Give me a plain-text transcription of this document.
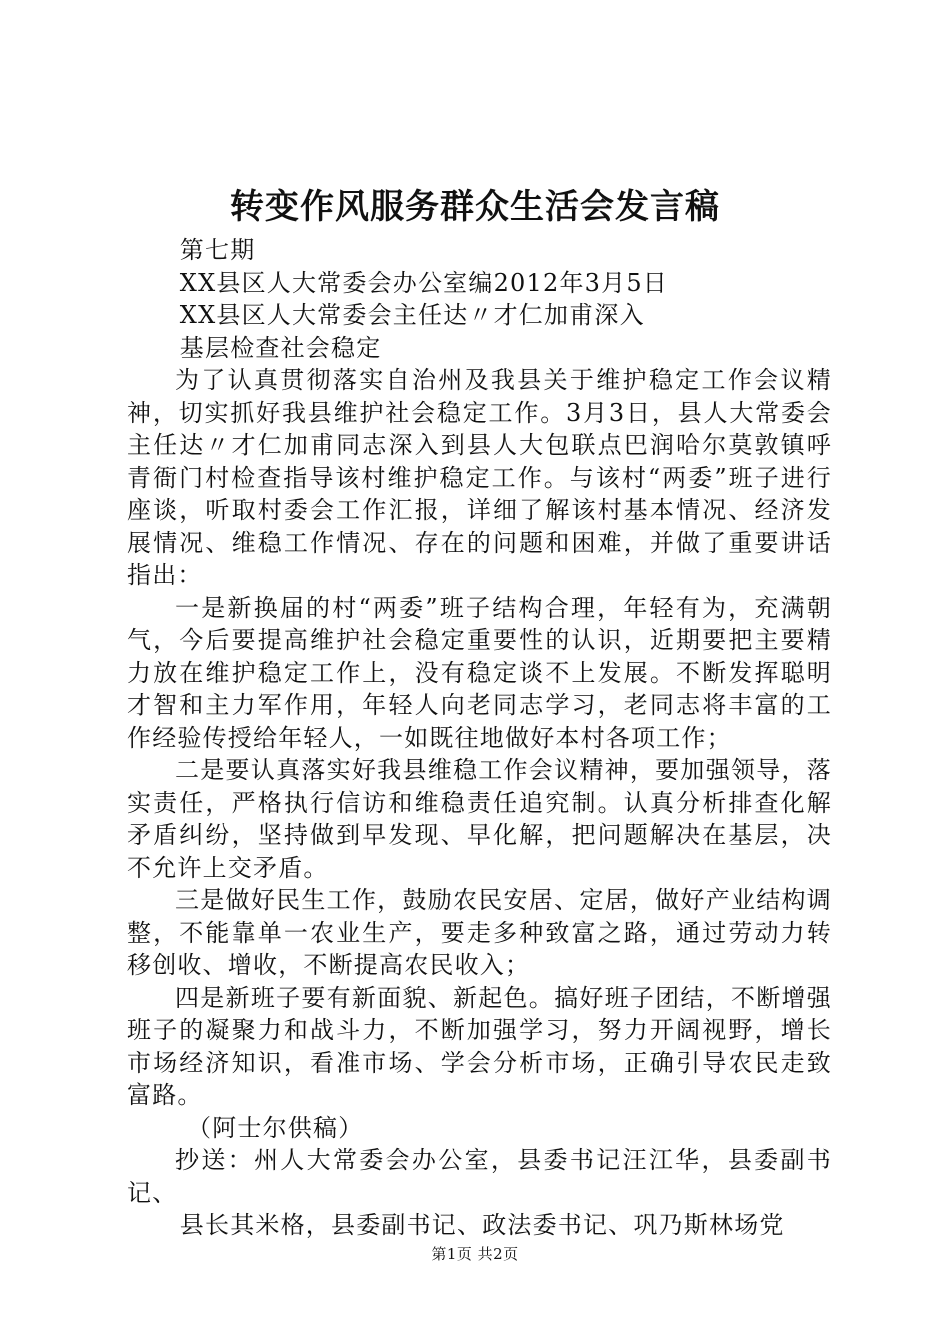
转变作风服务群众生活会发言稿

第七期

XX县区人大常委会办公室编2012年3月5日

XX县区人大常委会主任达〃才仁加甫深入

基层检查社会稳定

为了认真贯彻落实自治州及我县关于维护稳定工作会议精神，切实抓好我县维护社会稳定工作。3月3日，县人大常委会主任达〃才仁加甫同志深入到县人大包联点巴润哈尔莫敦镇呼青衙门村检查指导该村维护稳定工作。与该村“两委”班子进行座谈，听取村委会工作汇报，详细了解该村基本情况、经济发展情况、维稳工作情况、存在的问题和困难，并做了重要讲话指出：

一是新换届的村“两委”班子结构合理，年轻有为，充满朝气，今后要提高维护社会稳定重要性的认识，近期要把主要精力放在维护稳定工作上，没有稳定谈不上发展。不断发挥聪明才智和主力军作用，年轻人向老同志学习，老同志将丰富的工作经验传授给年轻人，一如既往地做好本村各项工作；

二是要认真落实好我县维稳工作会议精神，要加强领导，落实责任，严格执行信访和维稳责任追究制。认真分析排查化解矛盾纠纷，坚持做到早发现、早化解，把问题解决在基层，决不允许上交矛盾。

三是做好民生工作，鼓励农民安居、定居，做好产业结构调整，不能靠单一农业生产，要走多种致富之路，通过劳动力转移创收、增收，不断提高农民收入；

四是新班子要有新面貌、新起色。搞好班子团结，不断增强班子的凝聚力和战斗力，不断加强学习，努力开阔视野，增长市场经济知识，看准市场、学会分析市场，正确引导农民走致富路。

（阿士尔供稿）

抄送：州人大常委会办公室，县委书记汪江华，县委副书记、

县长其米格，县委副书记、政法委书记、巩乃斯林场党

第1页 共2页
